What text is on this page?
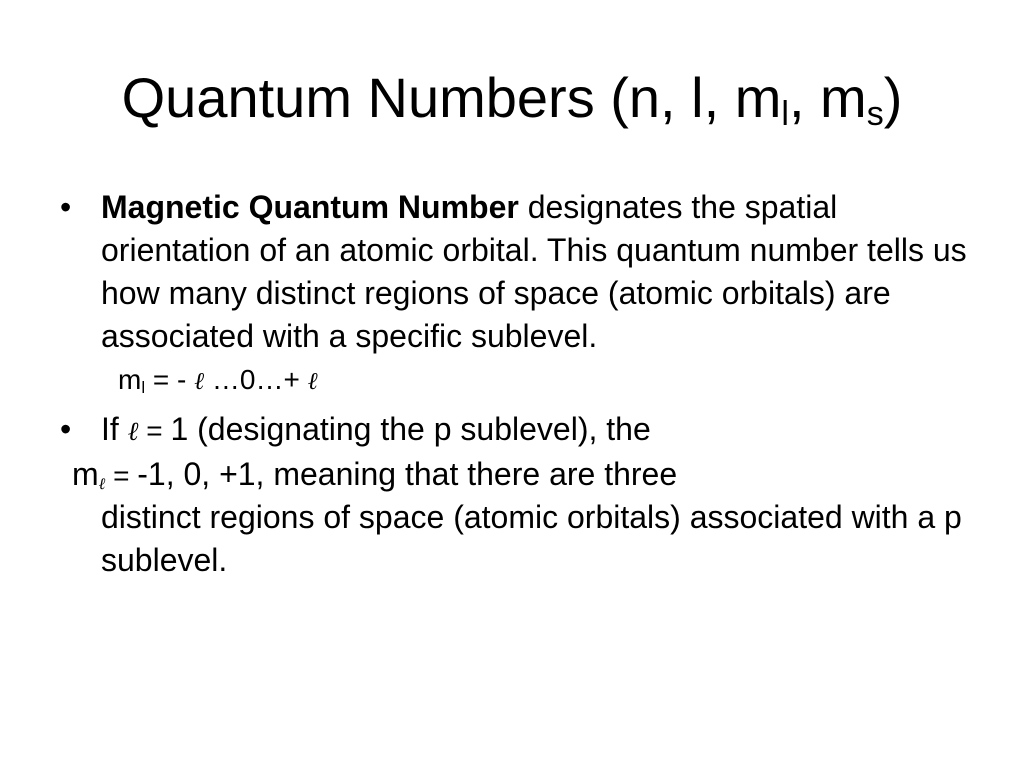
Quantum Numbers (n, l, $m_l$, $m_s$)
• Magnetic Quantum Number designates the spatial orientation of an atomic orbital. This quantum number tells us how many distinct regions of space (atomic orbitals) are associated with a specific sublevel.
$m_l$ = - ℓ …0…+ ℓ
• If ℓ = 1 (designating the p sublevel), the
$m_\ell = -1$, 0, +1, meaning that there are three
distinct regions of space (atomic orbitals) associated with a p sublevel.
